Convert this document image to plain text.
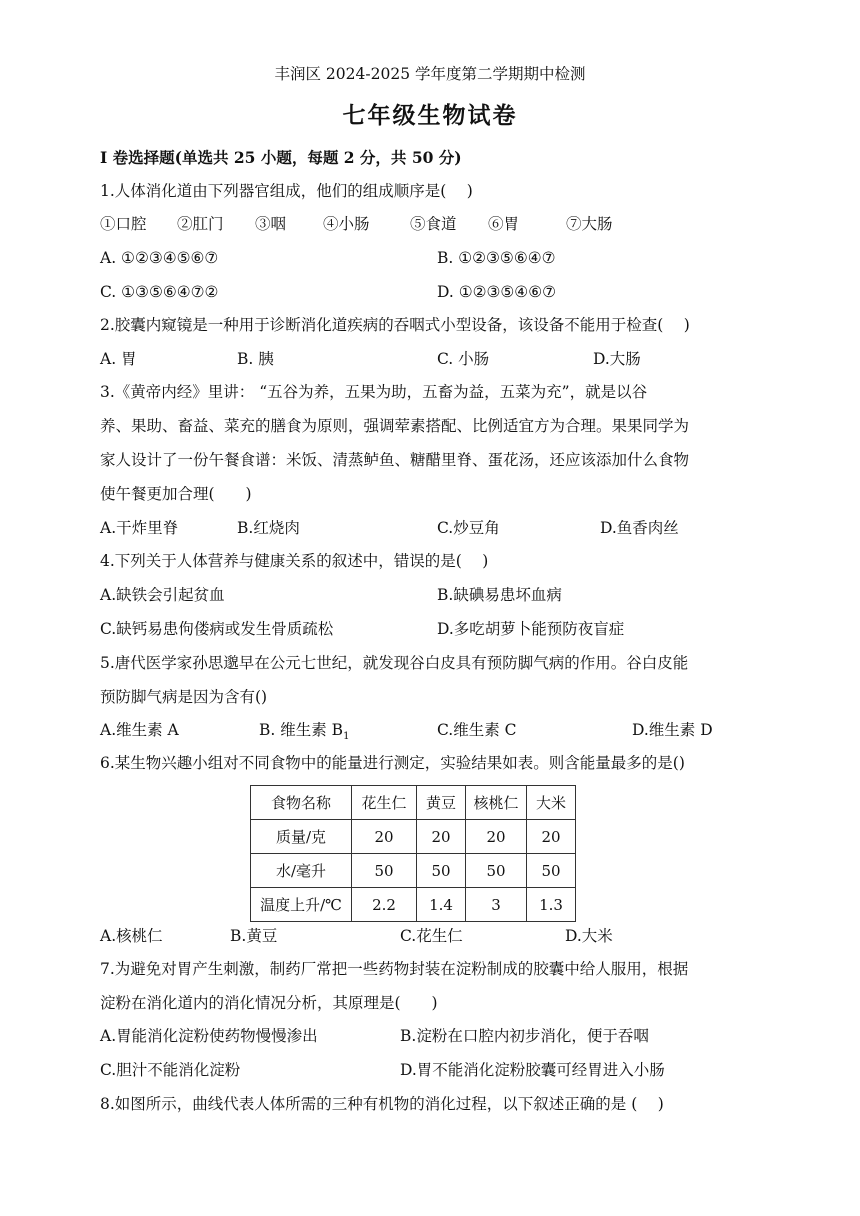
丰润区 2024-2025 学年度第二学期期中检测
七年级生物试卷
Ⅰ 卷选择题(单选共 25 小题，每题 2 分，共 50 分)
1.人体消化道由下列器官组成，他们的组成顺序是(　 )
①口腔 ②肛门 ③咽 ④小肠	⑤食道 ⑥胃	⑦大肠
A. ①②③④⑤⑥⑦	B. ①②③⑤⑥④⑦
C. ①③⑤⑥④⑦②	D. ①②③⑤④⑥⑦
2.胶囊内窥镜是一种用于诊断消化道疾病的吞咽式小型设备，该设备不能用于检查(　 )
A. 胃	B. 胰	C. 小肠	D.大肠
3.《黄帝内经》里讲： “五谷为养，五果为助，五畜为益，五菜为充”，就是以谷
养、果助、畜益、菜充的膳食为原则，强调荤素搭配、比例适宜方为合理。果果同学为
家人设计了一份午餐食谱：米饭、清蒸鲈鱼、糖醋里脊、蛋花汤，还应该添加什么食物
使午餐更加合理(　　)
A.干炸里脊	B.红烧肉	C.炒豆角	D.鱼香肉丝
4.下列关于人体营养与健康关系的叙述中，错误的是(　 )
A.缺铁会引起贫血	B.缺碘易患坏血病
C.缺钙易患佝偻病或发生骨质疏松	D.多吃胡萝卜能预防夜盲症
5.唐代医学家孙思邈早在公元七世纪，就发现谷白皮具有预防脚气病的作用。谷白皮能
预防脚气病是因为含有()
A.维生素 A	B. 维生素 $B_1$	C.维生素 C	D.维生素 D
6.某生物兴趣小组对不同食物中的能量进行测定，实验结果如表。则含能量最多的是()
食物名称	花生仁	黄豆	核桃仁	大米
质量/克	20	20	20	20
水/毫升	50	50	50	50
温度上升/℃	2.2	1.4	3	1.3
A.核桃仁	B.黄豆	C.花生仁	D.大米
7.为避免对胃产生刺激，制药厂常把一些药物封装在淀粉制成的胶囊中给人服用，根据
淀粉在消化道内的消化情况分析，其原理是(　　)
A.胃能消化淀粉使药物慢慢渗出	B.淀粉在口腔内初步消化，便于吞咽
C.胆汁不能消化淀粉	D.胃不能消化淀粉胶囊可经胃进入小肠
8.如图所示，曲线代表人体所需的三种有机物的消化过程，以下叙述正确的是 (　 )
